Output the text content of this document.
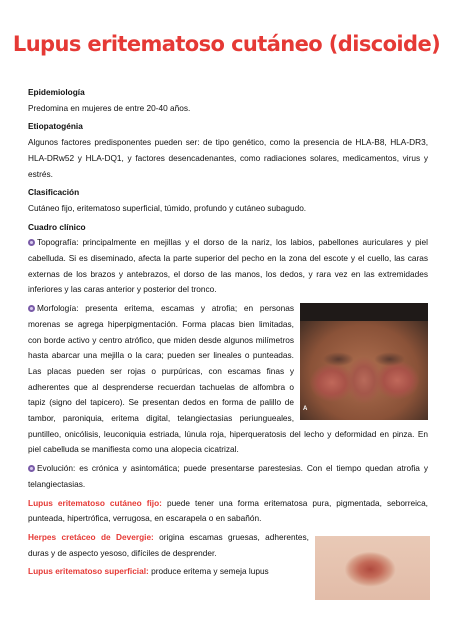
Lupus eritematoso cutáneo (discoide)
Epidemiología
Predomina en mujeres de entre 20-40 años.
Etiopatogénia
Algunos factores predisponentes pueden ser: de tipo genético, como la presencia de HLA-B8, HLA-DR3, HLA-DRw52 y HLA-DQ1, y factores desencadenantes, como radiaciones solares, medicamentos, virus y estrés.
Clasificación
Cutáneo fijo, eritematoso superficial, túmido, profundo y cutáneo subagudo.
Cuadro clínico
Topografía: principalmente en mejillas y el dorso de la nariz, los labios, pabellones auriculares y piel cabelluda. Si es diseminado, afecta la parte superior del pecho en la zona del escote y el cuello, las caras externas de los brazos y antebrazos, el dorso de las manos, los dedos, y rara vez en las extremidades inferiores y las caras anterior y posterior del tronco.
A
Morfología: presenta eritema, escamas y atrofia; en personas morenas se agrega hiperpigmentación. Forma placas bien limitadas, con borde activo y centro atrófico, que miden desde algunos milímetros hasta abarcar una mejilla o la cara; pueden ser lineales o punteadas. Las placas pueden ser rojas o purpúricas, con escamas finas y adherentes que al desprenderse recuerdan tachuelas de alfombra o tapiz (signo del tapicero). Se presentan dedos en forma de palillo de tambor, paroniquia, eritema digital, telangiectasias periungueales, puntilleo, onicólisis, leuconiquia estriada, lúnula roja, hiperqueratosis del lecho y deformidad en pinza. En piel cabelluda se manifiesta como una alopecia cicatrizal.
Evolución: es crónica y asintomática; puede presentarse parestesias. Con el tiempo quedan atrofia y telangiectasias.
Lupus eritematoso cutáneo fijo: puede tener una forma eritematosa pura, pigmentada, seborreica, punteada, hipertrófica, verrugosa, en escarapela o en sabañón.
Herpes cretáceo de Devergie: origina escamas gruesas, adherentes, duras y de aspecto yesoso, difíciles de desprender.
Lupus eritematoso superficial: produce eritema y semeja lupus
